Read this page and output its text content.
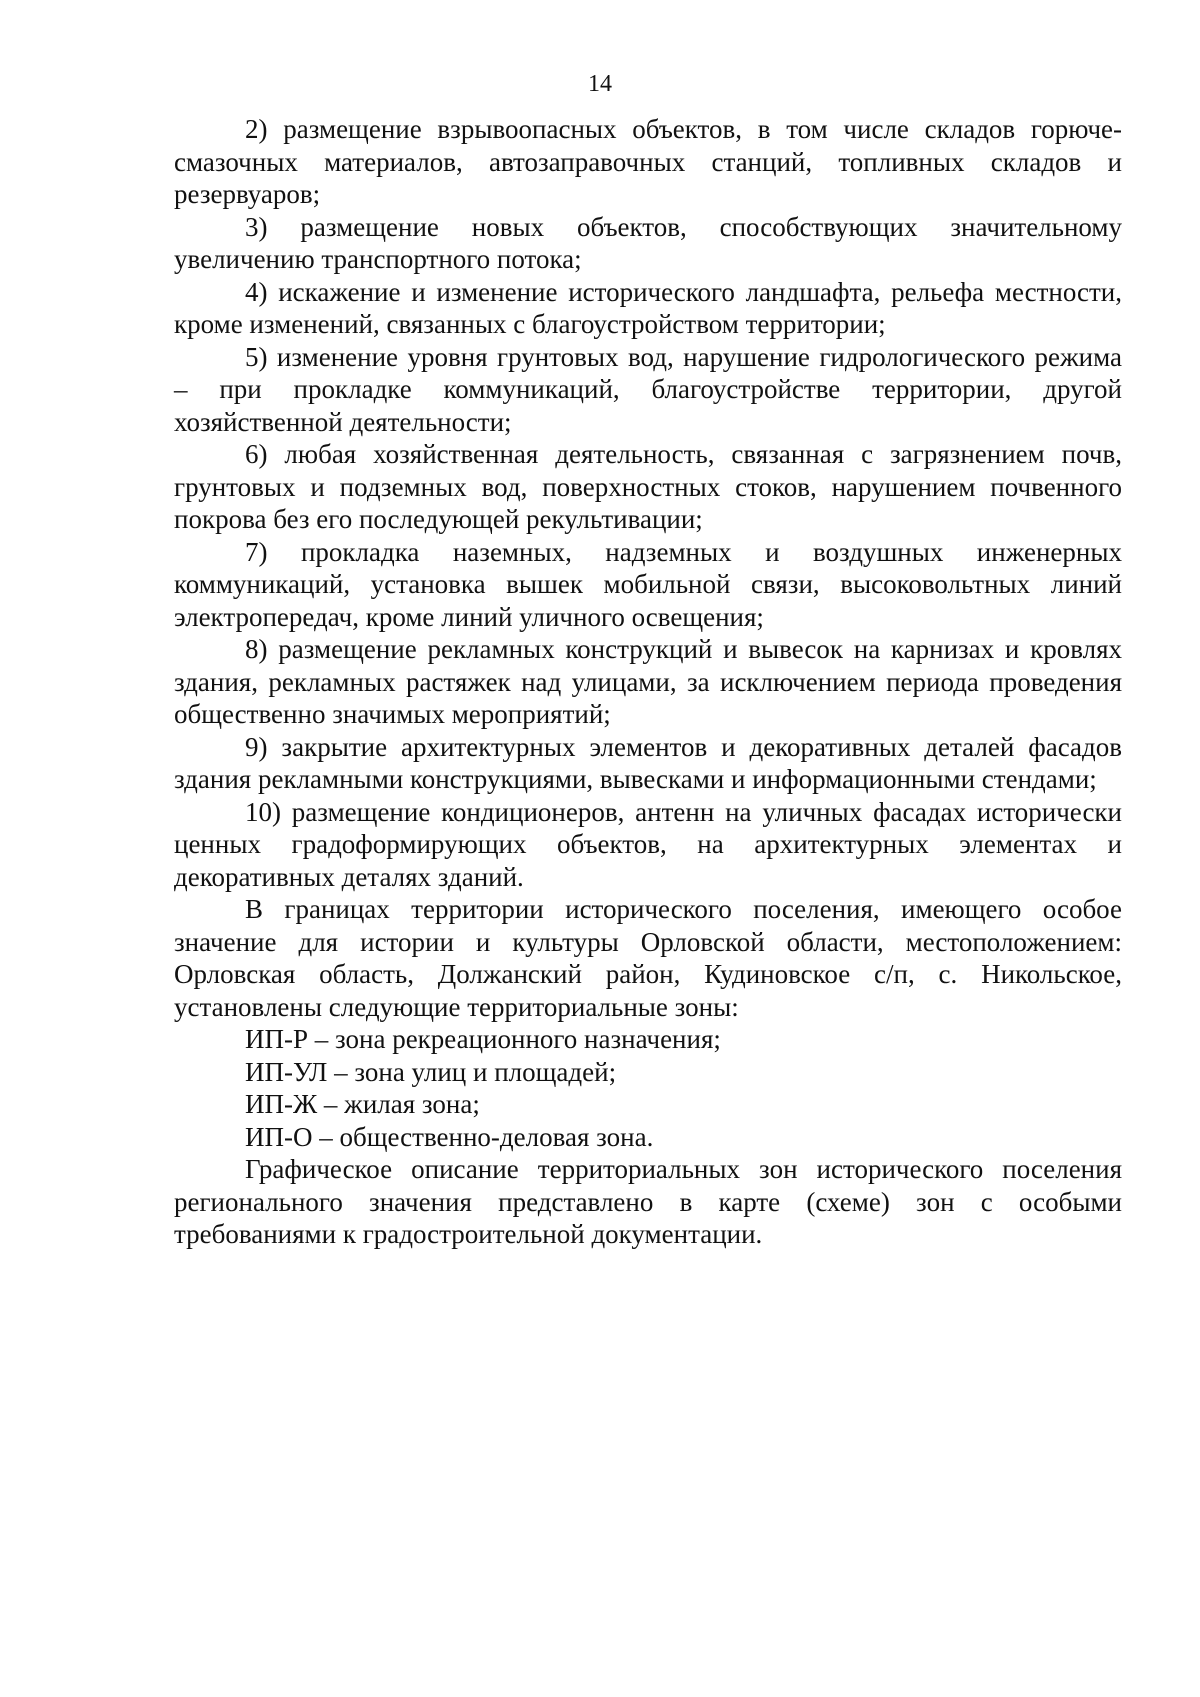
14

2) размещение взрывоопасных объектов, в том числе складов горюче-смазочных материалов, автозаправочных станций, топливных складов и резервуаров;

3) размещение новых объектов, способствующих значительному увеличению транспортного потока;

4) искажение и изменение исторического ландшафта, рельефа местности, кроме изменений, связанных с благоустройством территории;

5) изменение уровня грунтовых вод, нарушение гидрологического режима – при прокладке коммуникаций, благоустройстве территории, другой хозяйственной деятельности;

6) любая хозяйственная деятельность, связанная с загрязнением почв, грунтовых и подземных вод, поверхностных стоков, нарушением почвенного покрова без его последующей рекультивации;

7) прокладка наземных, надземных и воздушных инженерных коммуникаций, установка вышек мобильной связи, высоковольтных линий электропередач, кроме линий уличного освещения;

8) размещение рекламных конструкций и вывесок на карнизах и кровлях здания, рекламных растяжек над улицами, за исключением периода проведения общественно значимых мероприятий;

9) закрытие архитектурных элементов и декоративных деталей фасадов здания рекламными конструкциями, вывесками и информационными стендами;

10) размещение кондиционеров, антенн на уличных фасадах исторически ценных градоформирующих объектов, на архитектурных элементах и декоративных деталях зданий.

В границах территории исторического поселения, имеющего особое значение для истории и культуры Орловской области, местоположением: Орловская область, Должанский район, Кудиновское с/п, с. Никольское, установлены следующие территориальные зоны:

ИП-Р – зона рекреационного назначения;

ИП-УЛ – зона улиц и площадей;

ИП-Ж – жилая зона;

ИП-О – общественно-деловая зона.

Графическое описание территориальных зон исторического поселения регионального значения представлено в карте (схеме) зон с особыми требованиями к градостроительной документации.
